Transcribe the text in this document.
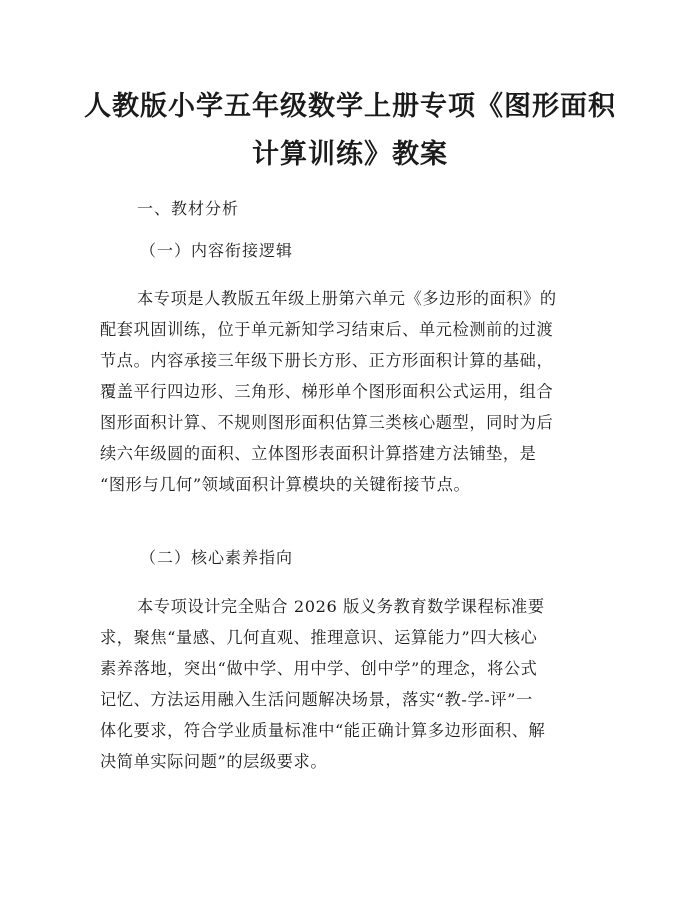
人教版小学五年级数学上册专项《图形面积
计算训练》教案

一、教材分析

（一）内容衔接逻辑

本专项是人教版五年级上册第六单元《多边形的面积》的
配套巩固训练，位于单元新知学习结束后、单元检测前的过渡
节点。内容承接三年级下册长方形、正方形面积计算的基础，
覆盖平行四边形、三角形、梯形单个图形面积公式运用，组合
图形面积计算、不规则图形面积估算三类核心题型，同时为后
续六年级圆的面积、立体图形表面积计算搭建方法铺垫，是
“图形与几何”领域面积计算模块的关键衔接节点。

（二）核心素养指向

本专项设计完全贴合 2026 版义务教育数学课程标准要
求，聚焦“量感、几何直观、推理意识、运算能力”四大核心
素养落地，突出“做中学、用中学、创中学”的理念，将公式
记忆、方法运用融入生活问题解决场景，落实“教-学-评”一
体化要求，符合学业质量标准中“能正确计算多边形面积、解
决简单实际问题”的层级要求。
